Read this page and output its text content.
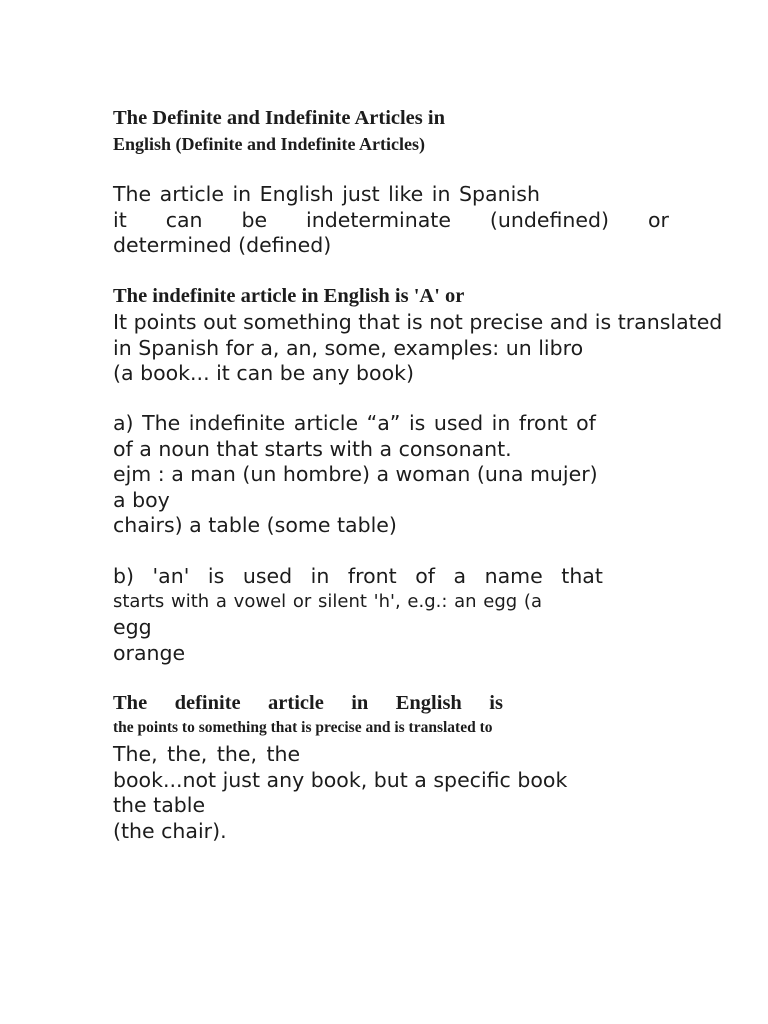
The Definite and Indefinite Articles in
English (Definite and Indefinite Articles)
The article in English just like in Spanish
it can be indeterminate (undefined) or
determined (defined)
The indefinite article in English is 'A' or
It points out something that is not precise and is translated
in Spanish for a, an, some, examples: un libro
(a book... it can be any book)
a) The indefinite article “a” is used in front of
of a noun that starts with a consonant.
ejm : a man (un hombre) a woman (una mujer)
a boy
chairs) a table (some table)
b) 'an' is used in front of a name that
starts with a vowel or silent 'h', e.g.: an egg (a
egg
orange
The definite article in English is
the points to something that is precise and is translated to
The, the, the, the
book...not just any book, but a specific book
the table
(the chair).
